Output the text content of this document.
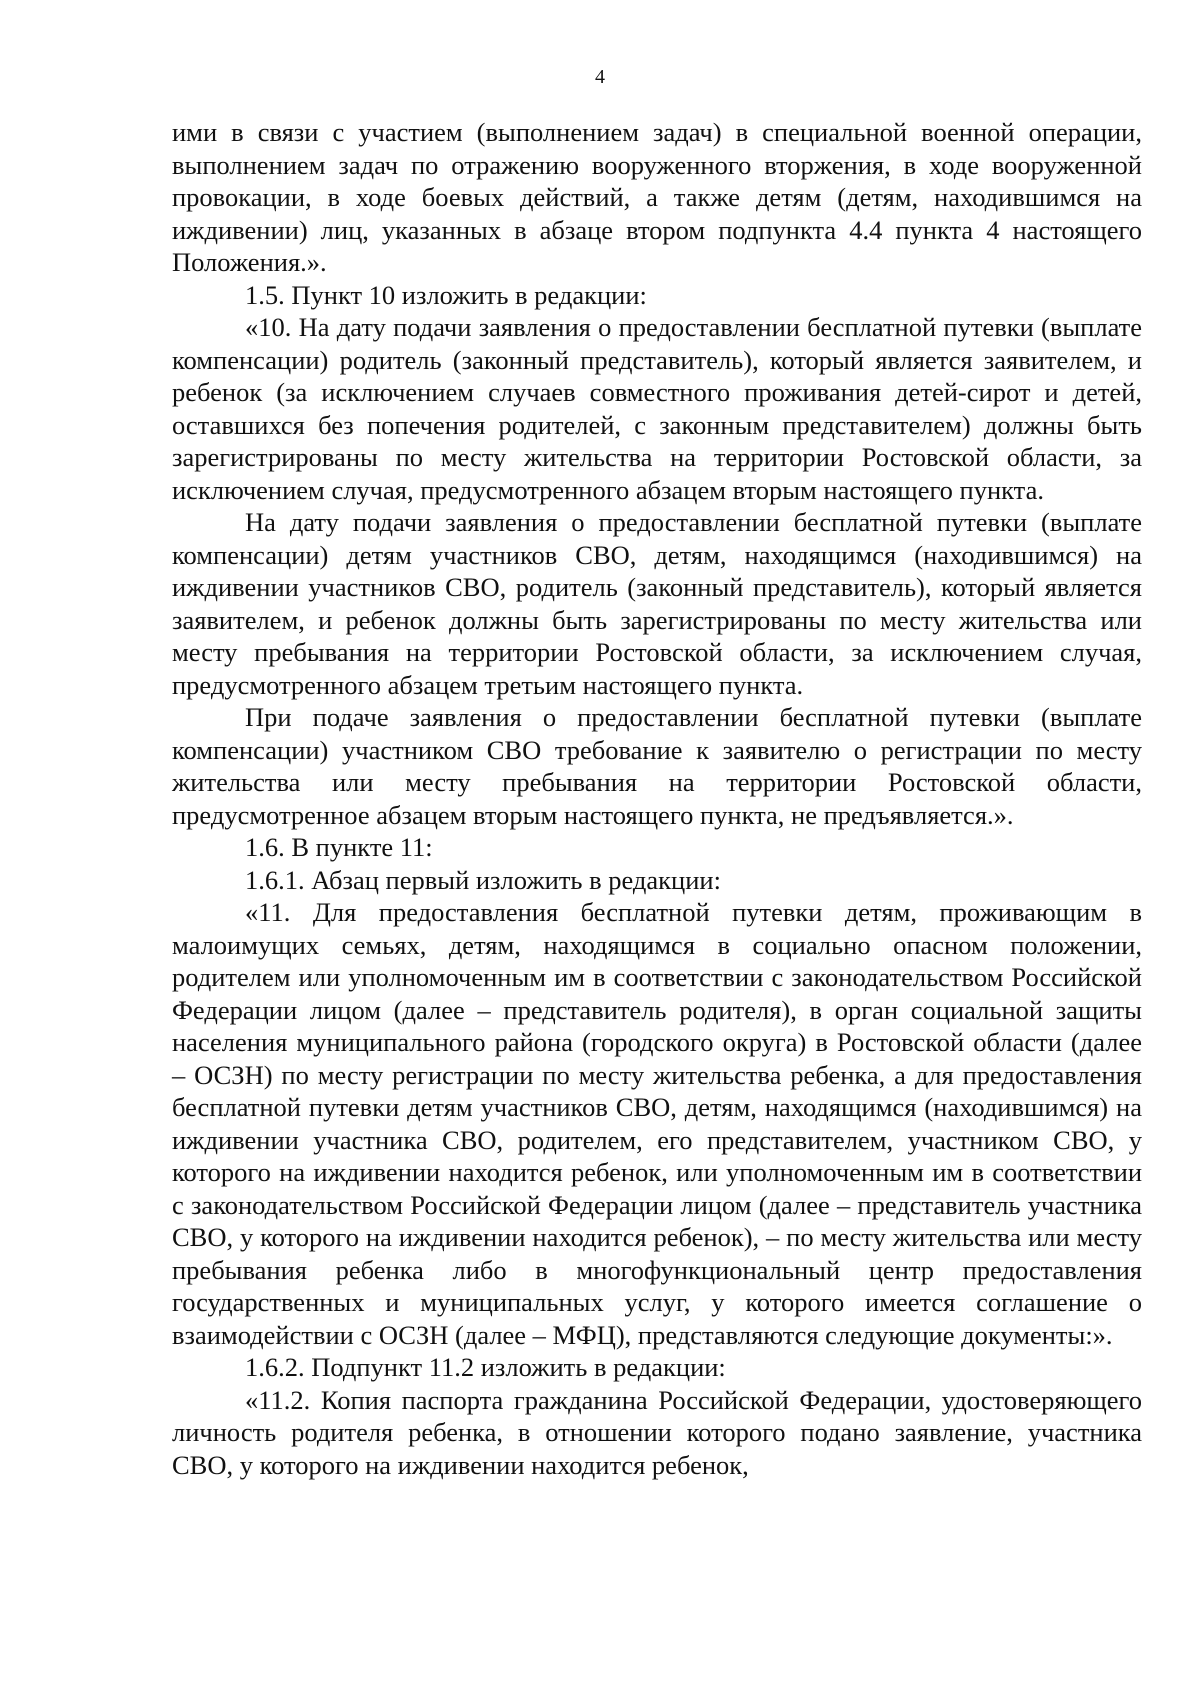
4

ими в связи с участием (выполнением задач) в специальной военной операции, выполнением задач по отражению вооруженного вторжения, в ходе вооруженной провокации, в ходе боевых действий, а также детям (детям, находившимся на иждивении) лиц, указанных в абзаце втором подпункта 4.4 пункта 4 настоящего Положения.».

1.5. Пункт 10 изложить в редакции:

«10. На дату подачи заявления о предоставлении бесплатной путевки (выплате компенсации) родитель (законный представитель), который является заявителем, и ребенок (за исключением случаев совместного проживания детей-сирот и детей, оставшихся без попечения родителей, с законным представителем) должны быть зарегистрированы по месту жительства на территории Ростовской области, за исключением случая, предусмотренного абзацем вторым настоящего пункта.

На дату подачи заявления о предоставлении бесплатной путевки (выплате компенсации) детям участников СВО, детям, находящимся (находившимся) на иждивении участников СВО, родитель (законный представитель), который является заявителем, и ребенок должны быть зарегистрированы по месту жительства или месту пребывания на территории Ростовской области, за исключением случая, предусмотренного абзацем третьим настоящего пункта.

При подаче заявления о предоставлении бесплатной путевки (выплате компенсации) участником СВО требование к заявителю о регистрации по месту жительства или месту пребывания на территории Ростовской области, предусмотренное абзацем вторым настоящего пункта, не предъявляется.».

1.6. В пункте 11:

1.6.1. Абзац первый изложить в редакции:

«11. Для предоставления бесплатной путевки детям, проживающим в малоимущих семьях, детям, находящимся в социально опасном положении, родителем или уполномоченным им в соответствии с законодательством Российской Федерации лицом (далее – представитель родителя), в орган социальной защиты населения муниципального района (городского округа) в Ростовской области (далее – ОСЗН) по месту регистрации по месту жительства ребенка, а для предоставления бесплатной путевки детям участников СВО, детям, находящимся (находившимся) на иждивении участника СВО, родителем, его представителем, участником СВО, у которого на иждивении находится ребенок, или уполномоченным им в соответствии с законодательством Российской Федерации лицом (далее – представитель участника СВО, у которого на иждивении находится ребенок), – по месту жительства или месту пребывания ребенка либо в многофункциональный центр предоставления государственных и муниципальных услуг, у которого имеется соглашение о взаимодействии с ОСЗН (далее – МФЦ), представляются следующие документы:».

1.6.2. Подпункт 11.2 изложить в редакции:

«11.2. Копия паспорта гражданина Российской Федерации, удостоверяющего личность родителя ребенка, в отношении которого подано заявление, участника СВО, у которого на иждивении находится ребенок,
